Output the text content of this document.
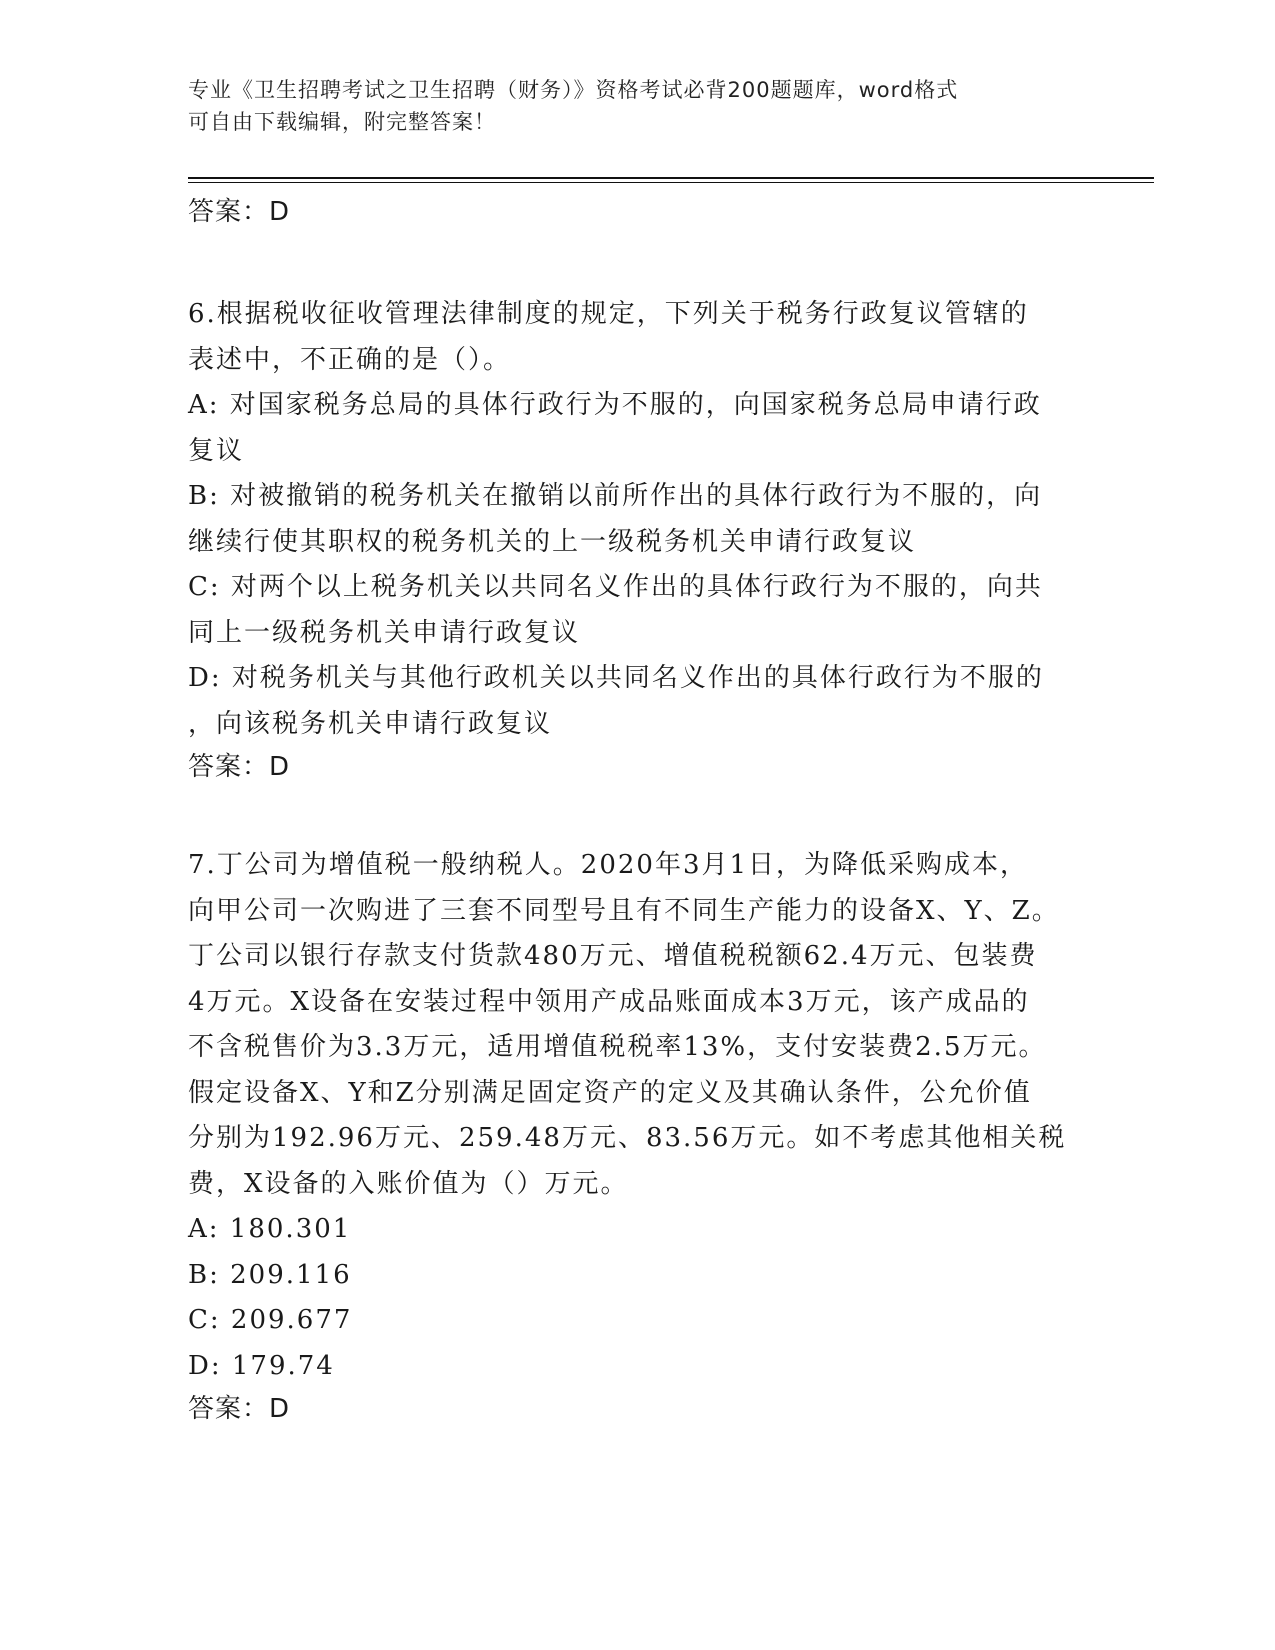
专业《卫生招聘考试之卫生招聘（财务）》资格考试必背200题题库，word格式
可自由下载编辑，附完整答案！

答案：D

6.根据税收征收管理法律制度的规定，下列关于税务行政复议管辖的

表述中，不正确的是（）。

A: 对国家税务总局的具体行政行为不服的，向国家税务总局申请行政

复议

B: 对被撤销的税务机关在撤销以前所作出的具体行政行为不服的，向

继续行使其职权的税务机关的上一级税务机关申请行政复议

C: 对两个以上税务机关以共同名义作出的具体行政行为不服的，向共

同上一级税务机关申请行政复议

D: 对税务机关与其他行政机关以共同名义作出的具体行政行为不服的

，向该税务机关申请行政复议

答案：D

7.丁公司为增值税一般纳税人。2020年3月1日，为降低采购成本，

向甲公司一次购进了三套不同型号且有不同生产能力的设备X、Y、Z。

丁公司以银行存款支付货款480万元、增值税税额62.4万元、包装费

4万元。X设备在安装过程中领用产成品账面成本3万元，该产成品的

不含税售价为3.3万元，适用增值税税率13%，支付安装费2.5万元。

假定设备X、Y和Z分别满足固定资产的定义及其确认条件，公允价值

分别为192.96万元、259.48万元、83.56万元。如不考虑其他相关税

费，X设备的入账价值为（）万元。

A: 180.301

B: 209.116

C: 209.677

D: 179.74

答案：D
